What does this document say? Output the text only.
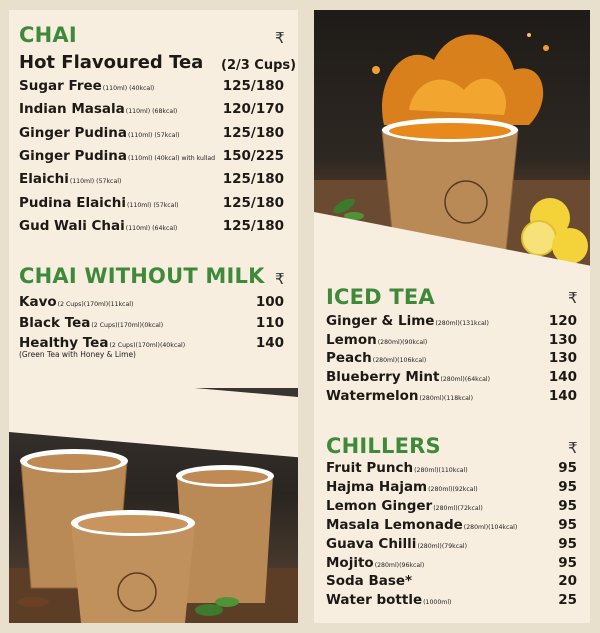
CHAI	₹
Hot Flavoured Tea (2/3 Cups)
Sugar Free(110ml) (40kcal)	125/180
Indian Masala(110ml) (68kcal)	120/170
Ginger Pudina(110ml) (57kcal)	125/180
Ginger Pudina(110ml) (40kcal) with kullad 150/225
Elaichi(110ml) (57kcal)	125/180
Pudina Elaichi(110ml) (57kcal)	125/180
Gud Wali Chai(110ml) (64kcal)	125/180
CHAI WITHOUT MILK ₹
Kavo(2 Cups)(170ml)(11kcal)	100
Black Tea(2 Cups)(170ml)(0kcal)	110
Healthy Tea(2 Cups)(170ml)(40kcal)	140
(Green Tea with Honey & Lime)
ICED TEA	₹
Ginger & Lime(280ml)(131kcal)	120
Lemon(280ml)(90kcal)	130
Peach(280ml)(106kcal)	130
Blueberry Mint(280ml)(64kcal)	140
Watermelon(280ml)(118kcal)	140
CHILLERS	₹
Fruit Punch(280ml)(110kcal)	95
Hajma Hajam(280ml)(92kcal)	95
Lemon Ginger(280ml)(72kcal)	95
Masala Lemonade(280ml)(104kcal)	95
Guava Chilli(280ml)(79kcal)	95
Mojito(280ml)(96kcal)	95
Soda Base*	20
Water bottle(1000ml)	25
